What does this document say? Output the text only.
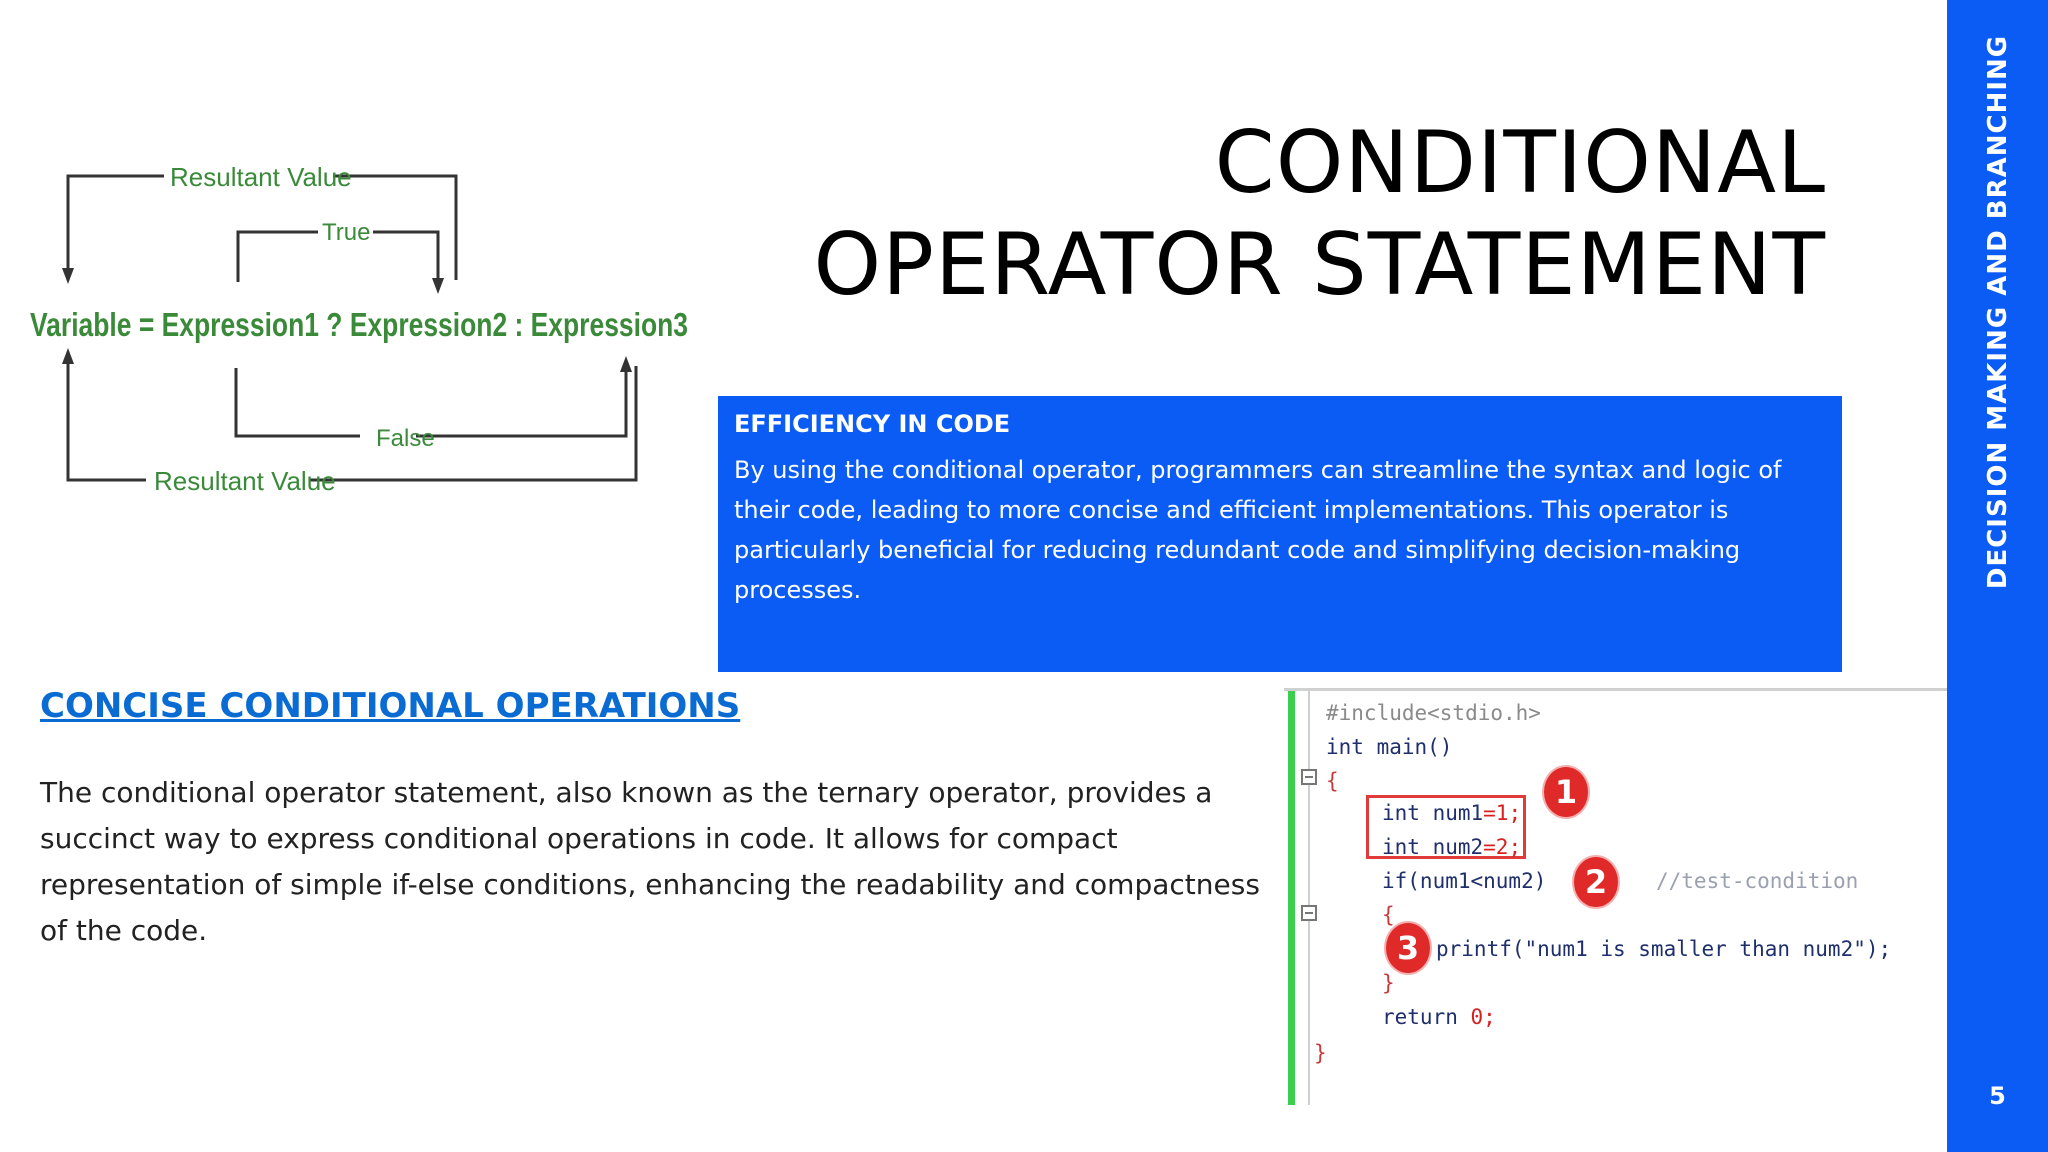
DECISION MAKING AND BRANCHING
5
CONDITIONAL
OPERATOR STATEMENT
Resultant Value
True
Variable = Expression1 ? Expression2 : Expression3
False
Resultant Value
EFFICIENCY IN CODE

By using the conditional operator, programmers can streamline the syntax and logic of their code, leading to more concise and efficient implementations. This operator is particularly beneficial for reducing redundant code and simplifying decision-making processes.

CONCISE CONDITIONAL OPERATIONS

The conditional operator statement, also known as the ternary operator, provides a succinct way to express conditional operations in code. It allows for compact representation of simple if-else conditions, enhancing the readability and compactness of the code.

#include<stdio.h>
int main()
{
int num1=1;
int num2=2;
if(num1<num2)	//test-condition
{
printf("num1 is smaller than num2");
}
return 0;
}
1
2
3
